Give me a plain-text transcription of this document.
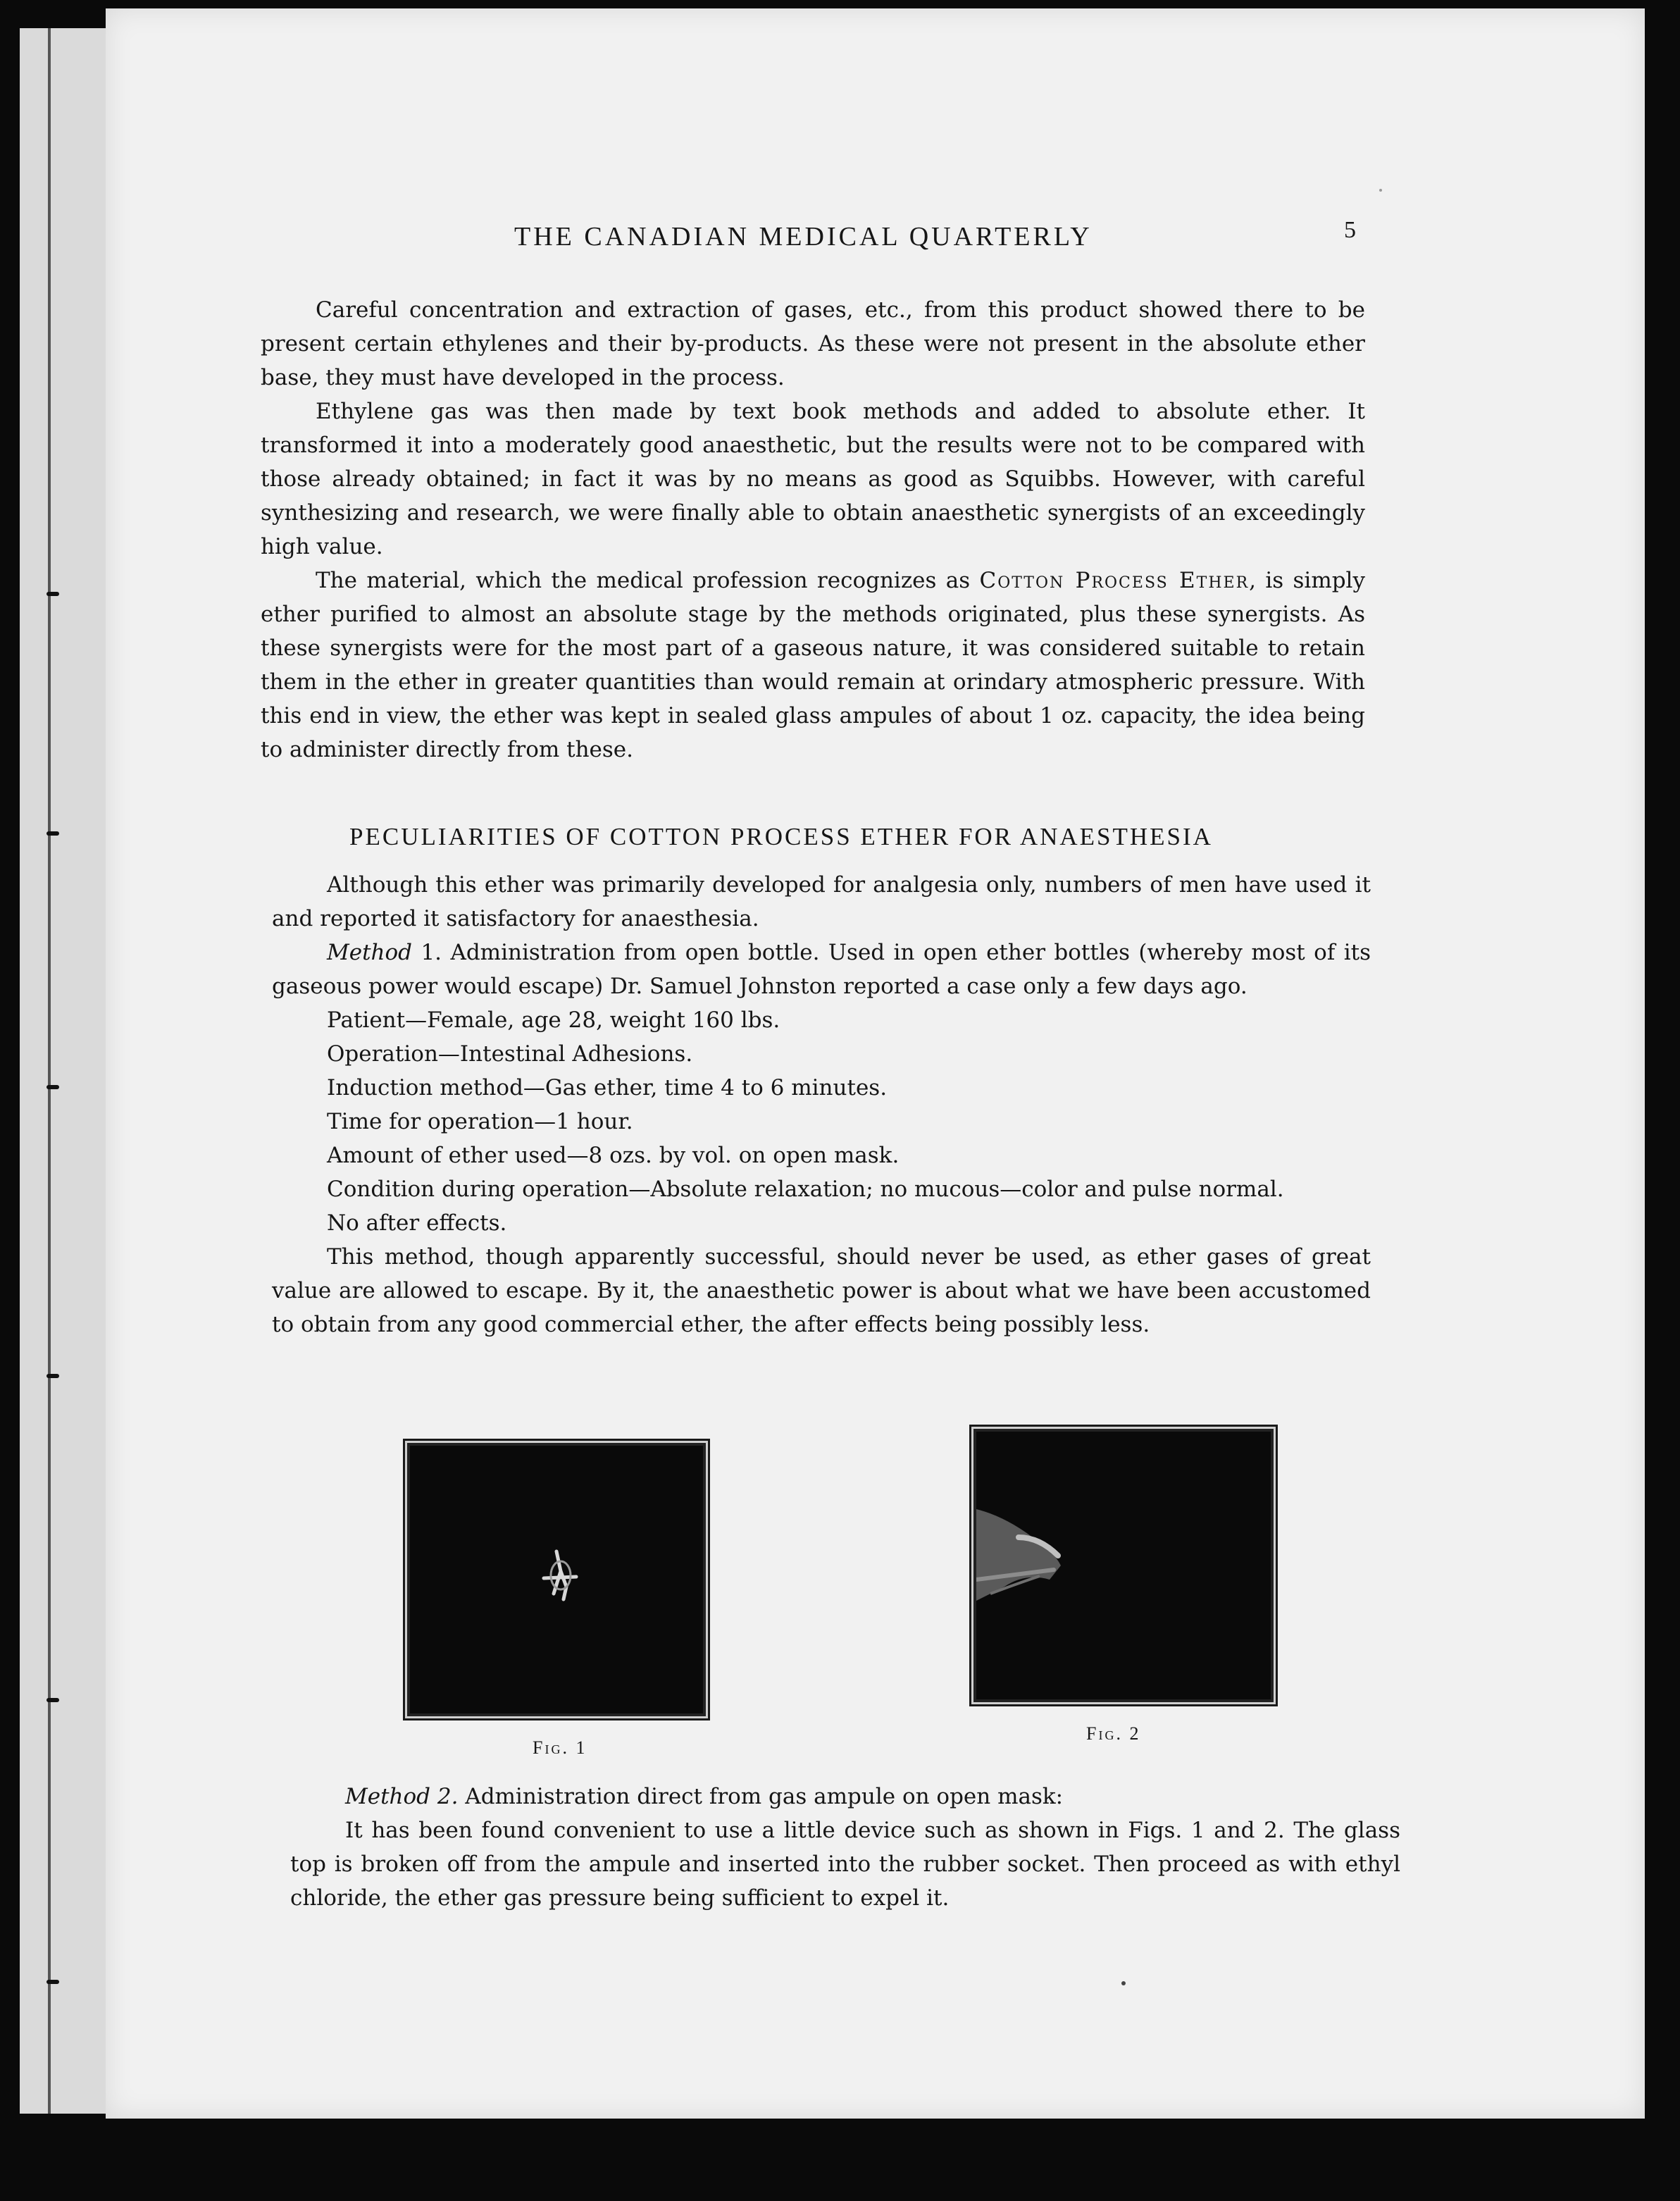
THE CANADIAN MEDICAL QUARTERLY	5

Careful concentration and extraction of gases, etc., from this product showed there to be present certain ethylenes and their by-products. As these were not present in the absolute ether base, they must have developed in the process.

Ethylene gas was then made by text book methods and added to absolute ether. It transformed it into a moderately good anaesthetic, but the results were not to be compared with those already obtained; in fact it was by no means as good as Squibbs. However, with careful synthesizing and research, we were finally able to obtain anaesthetic synergists of an exceedingly high value.

The material, which the medical profession recognizes as Cotton Process Ether, is simply ether purified to almost an absolute stage by the methods originated, plus these synergists. As these synergists were for the most part of a gaseous nature, it was considered suitable to retain them in the ether in greater quantities than would remain at orindary atmospheric pressure. With this end in view, the ether was kept in sealed glass ampules of about 1 oz. capacity, the idea being to administer directly from these.

PECULIARITIES OF COTTON PROCESS ETHER FOR ANAESTHESIA

Although this ether was primarily developed for analgesia only, numbers of men have used it and reported it satisfactory for anaesthesia.

Method 1. Administration from open bottle. Used in open ether bottles (whereby most of its gaseous power would escape) Dr. Samuel Johnston reported a case only a few days ago.

Patient—Female, age 28, weight 160 lbs.
Operation—Intestinal Adhesions.
Induction method—Gas ether, time 4 to 6 minutes.
Time for operation—1 hour.
Amount of ether used—8 ozs. by vol. on open mask.
Condition during operation—Absolute relaxation; no mucous—color and pulse normal.
No after effects.

This method, though apparently successful, should never be used, as ether gases of great value are allowed to escape. By it, the anaesthetic power is about what we have been accustomed to obtain from any good commercial ether, the after effects being possibly less.

Fig. 1
Fig. 2

Method 2. Administration direct from gas ampule on open mask:

It has been found convenient to use a little device such as shown in Figs. 1 and 2. The glass top is broken off from the ampule and inserted into the rubber socket. Then proceed as with ethyl chloride, the ether gas pressure being sufficient to expel it.
